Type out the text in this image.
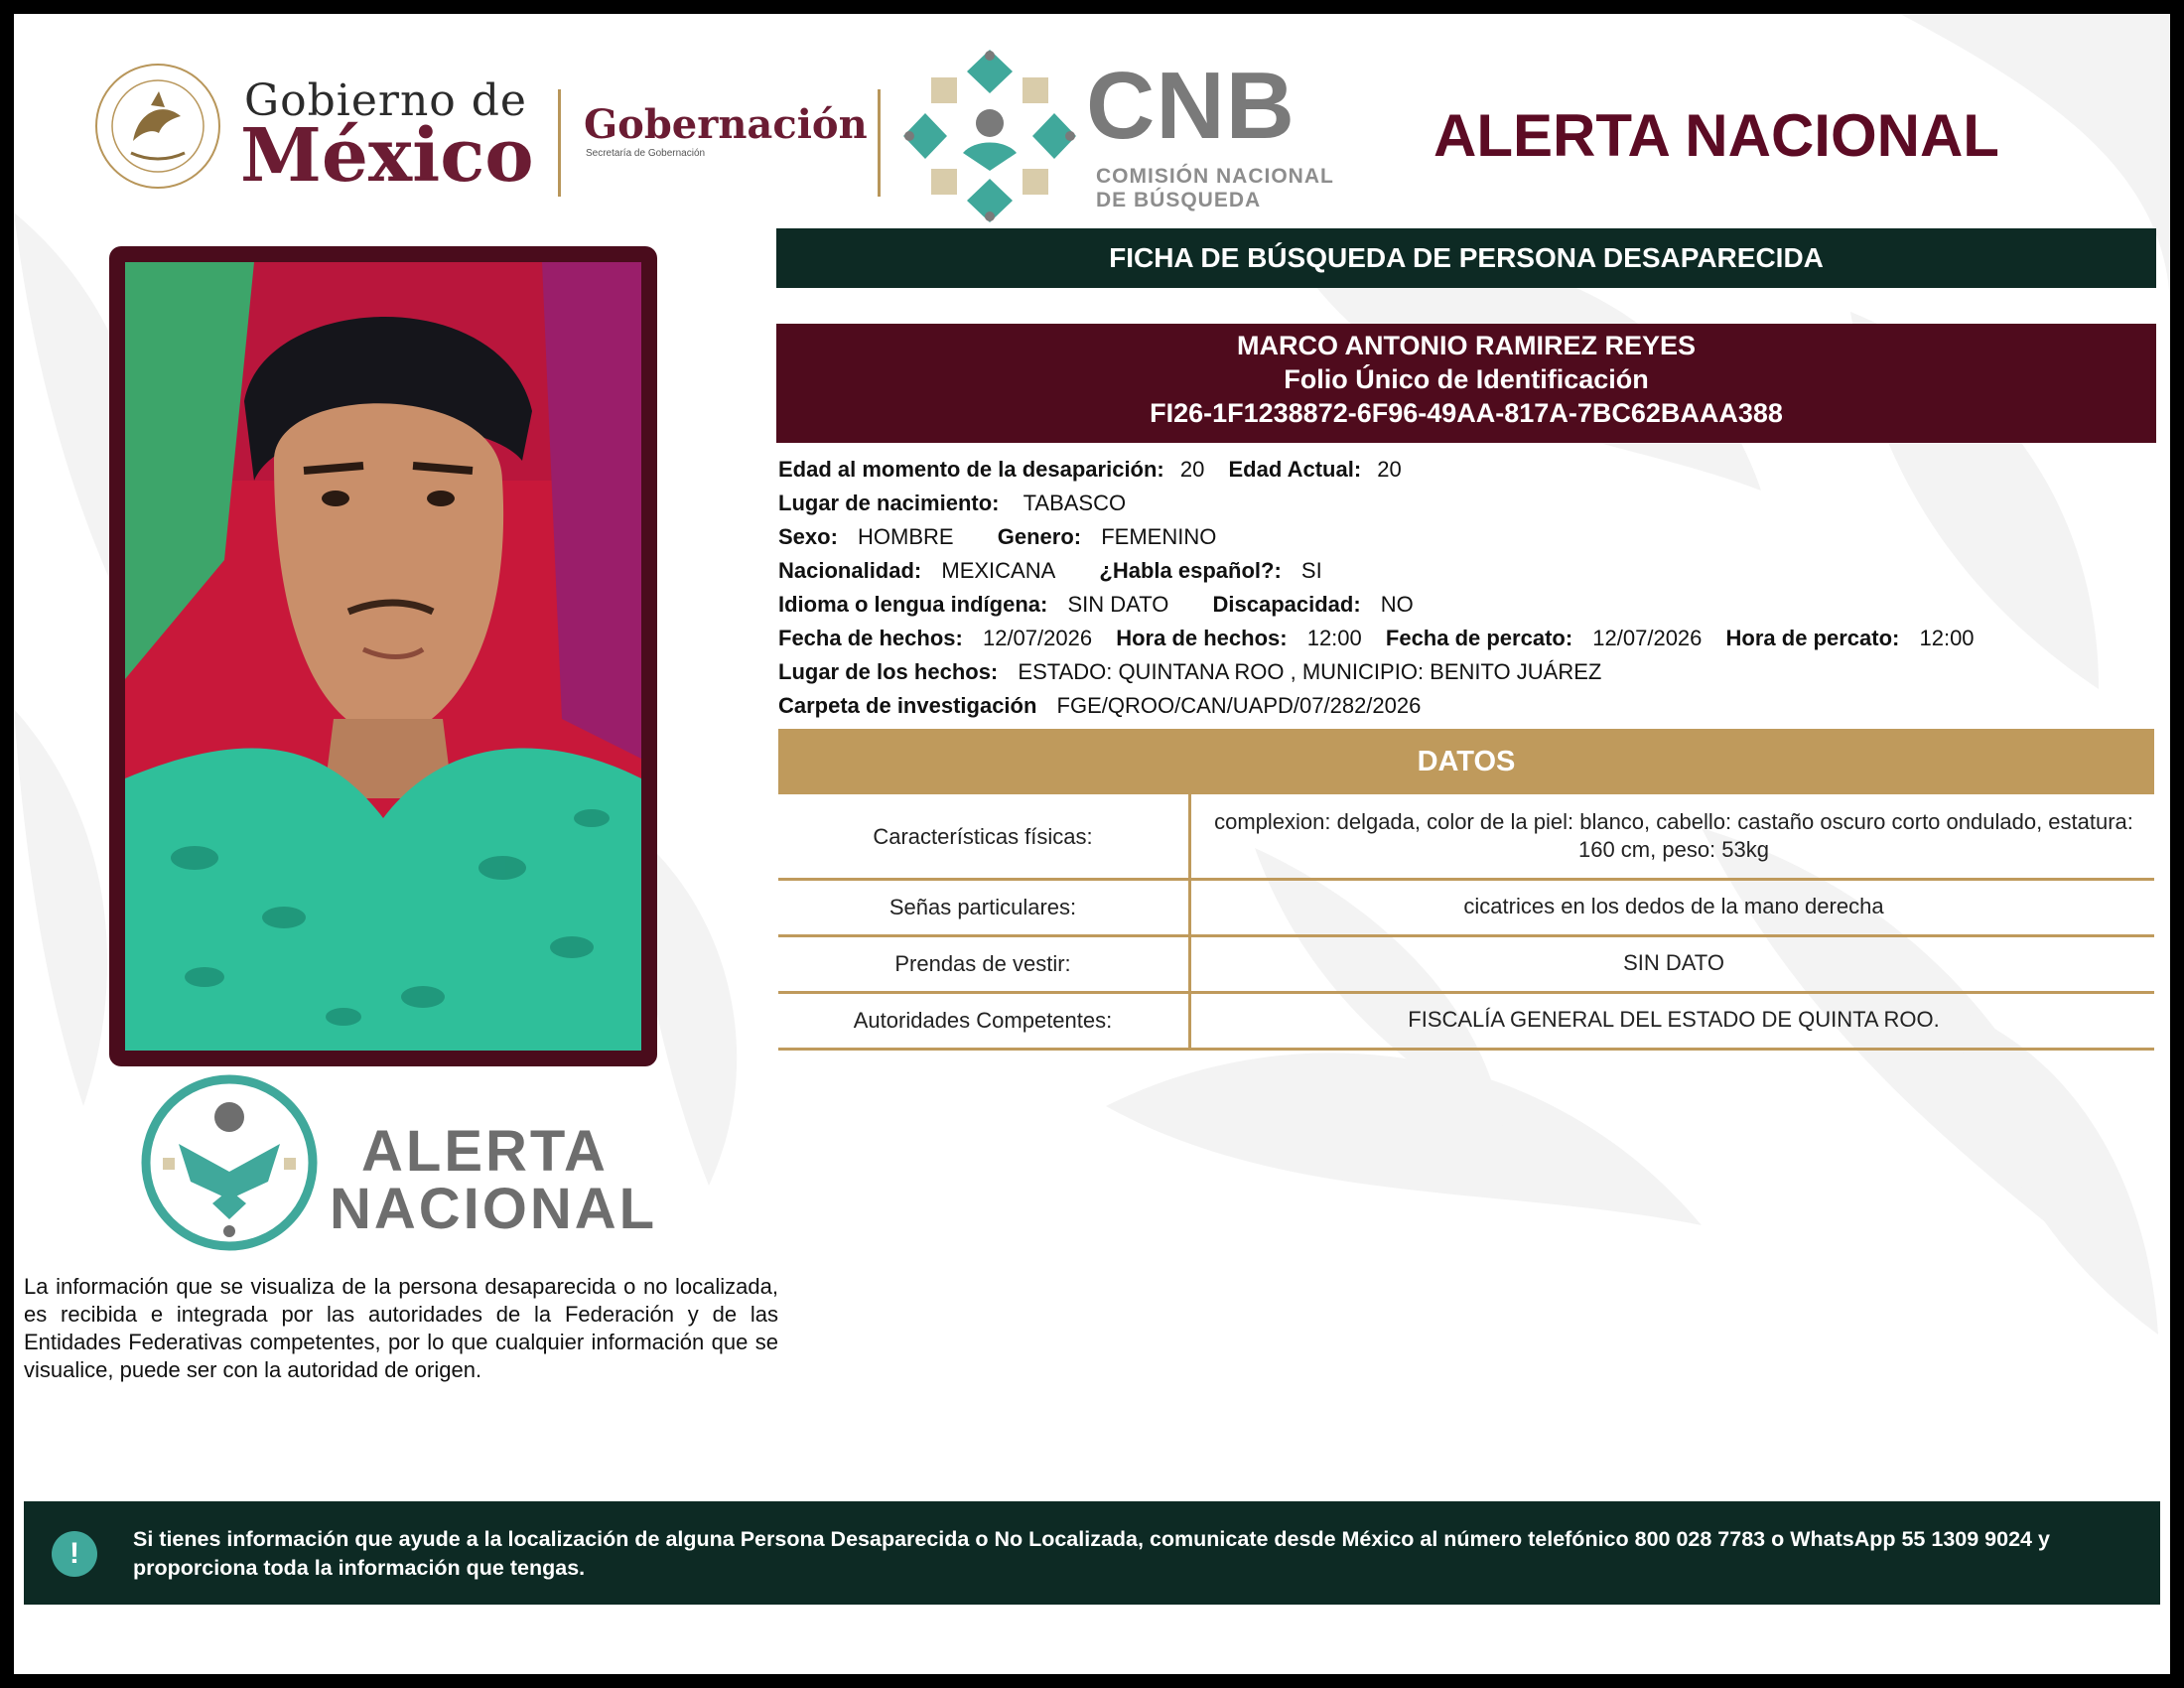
Gobierno de
México Gobernación
Secretaría de Gobernación	CNB
COMISIÓN NACIONAL
DE BÚSQUEDA
ALERTA NACIONAL
ALERTA
NACIONAL
La información que se visualiza de la persona desaparecida o no localizada, es recibida e integrada por las autoridades de la Federación y de las Entidades Federativas competentes, por lo que cualquier información que se visualice, puede ser con la autoridad de origen.
FICHA DE BÚSQUEDA DE PERSONA DESAPARECIDA
MARCO ANTONIO RAMIREZ REYES
Folio Único de Identificación
FI26-1F1238872-6F96-49AA-817A-7BC62BAAA388
Edad al momento de la desaparición: 20 Edad Actual: 20
Lugar de nacimiento: TABASCO
Sexo: HOMBRE Genero: FEMENINO
Nacionalidad: MEXICANA ¿Habla español?: SI
Idioma o lengua indígena: SIN DATO Discapacidad: NO
Fecha de hechos: 12/07/2026 Hora de hechos: 12:00 Fecha de percato: 12/07/2026 Hora de percato: 12:00
Lugar de los hechos: ESTADO: QUINTANA ROO , MUNICIPIO: BENITO JUÁREZ
Carpeta de investigación FGE/QROO/CAN/UAPD/07/282/2026
DATOS
Características físicas:
complexion: delgada, color de la piel: blanco, cabello: castaño oscuro corto ondulado, estatura: 160 cm, peso: 53kg
Señas particulares:	cicatrices en los dedos de la mano derecha
Prendas de vestir:	SIN DATO
Autoridades Competentes:	FISCALÍA GENERAL DEL ESTADO DE QUINTA ROO.
!	Si tienes información que ayude a la localización de alguna Persona Desaparecida o No Localizada, comunicate desde México al número telefónico 800 028 7783 o WhatsApp 55 1309 9024 y proporciona toda la información que tengas.
